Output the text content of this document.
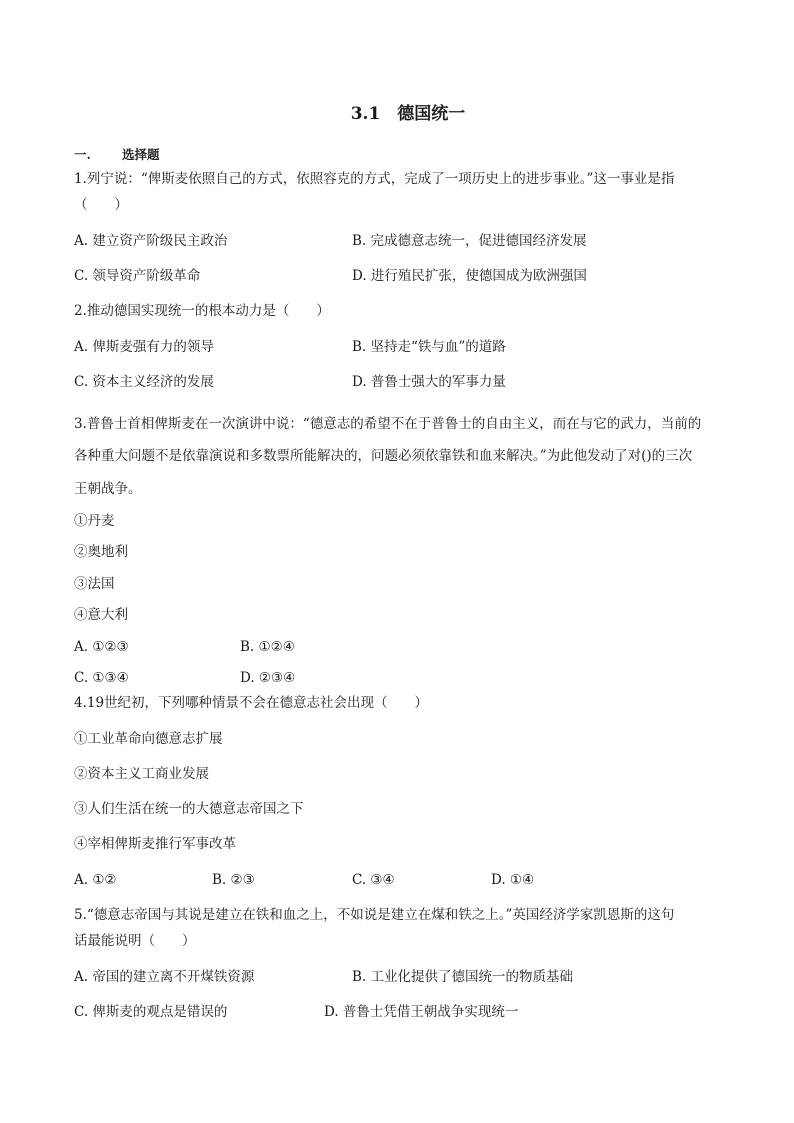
3.1　德国统一
一. 选择题
1.列宁说：“俾斯麦依照自己的方式，依照容克的方式，完成了一项历史上的进步事业。”这一事业是指
（　　）
A. 建立资产阶级民主政治	B. 完成德意志统一，促进德国经济发展
C. 领导资产阶级革命	D. 进行殖民扩张，使德国成为欧洲强国
2.推动德国实现统一的根本动力是（　　）
A. 俾斯麦强有力的领导	B. 坚持走“铁与血”的道路
C. 资本主义经济的发展	D. 普鲁士强大的军事力量
3.普鲁士首相俾斯麦在一次演讲中说：“德意志的希望不在于普鲁士的自由主义，而在与它的武力，当前的
各种重大问题不是依靠演说和多数票所能解决的，问题必须依靠铁和血来解决。”为此他发动了对()的三次
王朝战争。
①丹麦
②奥地利
③法国
④意大利
A. ①②③	B. ①②④
C. ①③④	D. ②③④
4.19世纪初，下列哪种情景不会在德意志社会出现（　　）
①工业革命向德意志扩展
②资本主义工商业发展
③人们生活在统一的大德意志帝国之下
④宰相俾斯麦推行军事改革
A. ①②	B. ②③	C. ③④	D. ①④
5.“德意志帝国与其说是建立在铁和血之上，不如说是建立在煤和铁之上。”英国经济学家凯恩斯的这句
话最能说明（　　）
A. 帝国的建立离不开煤铁资源	B. 工业化提供了德国统一的物质基础
C. 俾斯麦的观点是错误的	D. 普鲁士凭借王朝战争实现统一
